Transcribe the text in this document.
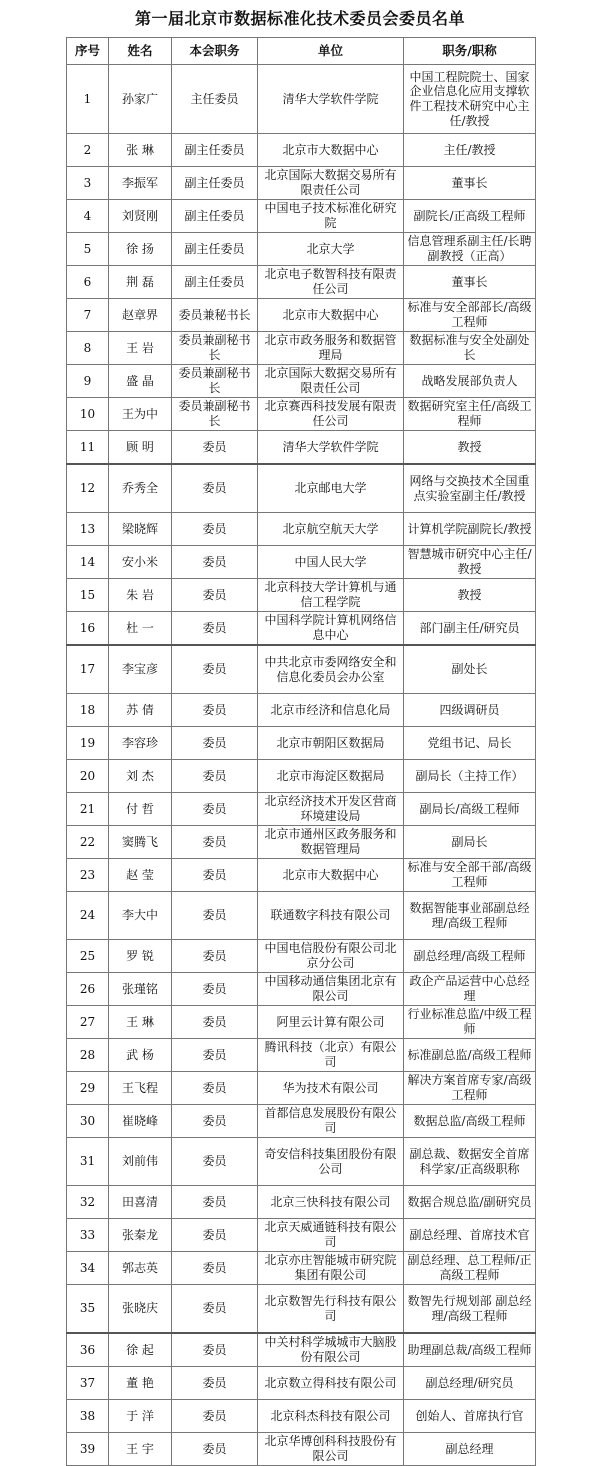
第一届北京市数据标准化技术委员会委员名单
序号	姓名	本会职务	单位	职务/职称
1	孙家广	主任委员	清华大学软件学院	中国工程院院士、国家企业信息化应用支撑软件工程技术研究中心主任/教授
2	张 琳	副主任委员	北京市大数据中心	主任/教授
3	李振军	副主任委员	北京国际大数据交易所有限责任公司	董事长
4	刘贤刚	副主任委员	中国电子技术标准化研究院	副院长/正高级工程师
5	徐 扬	副主任委员	北京大学	信息管理系副主任/长聘副教授（正高）
6	荆 磊	副主任委员	北京电子数智科技有限责任公司	董事长
7	赵章界	委员兼秘书长	北京市大数据中心	标准与安全部部长/高级工程师
8	王 岩	委员兼副秘书长	北京市政务服务和数据管理局	数据标准与安全处副处长
9	盛 晶	委员兼副秘书长	北京国际大数据交易所有限责任公司	战略发展部负责人
10	王为中	委员兼副秘书长	北京赛西科技发展有限责任公司	数据研究室主任/高级工程师
11	顾 明	委员	清华大学软件学院	教授
12	乔秀全	委员	北京邮电大学	网络与交换技术全国重点实验室副主任/教授
13	梁晓辉	委员	北京航空航天大学	计算机学院副院长/教授
14	安小米	委员	中国人民大学	智慧城市研究中心主任/教授
15	朱 岩	委员	北京科技大学计算机与通信工程学院	教授
16	杜 一	委员	中国科学院计算机网络信息中心	部门副主任/研究员
17	李宝彦	委员	中共北京市委网络安全和信息化委员会办公室	副处长
18	苏 倩	委员	北京市经济和信息化局	四级调研员
19	李容珍	委员	北京市朝阳区数据局	党组书记、局长
20	刘 杰	委员	北京市海淀区数据局	副局长（主持工作）
21	付 哲	委员	北京经济技术开发区营商环境建设局	副局长/高级工程师
22	窦腾飞	委员	北京市通州区政务服务和数据管理局	副局长
23	赵 莹	委员	北京市大数据中心	标准与安全部干部/高级工程师
24	李大中	委员	联通数字科技有限公司	数据智能事业部副总经理/高级工程师
25	罗 锐	委员	中国电信股份有限公司北京分公司	副总经理/高级工程师
26	张瑾铭	委员	中国移动通信集团北京有限公司	政企产品运营中心总经理
27	王 琳	委员	阿里云计算有限公司	行业标准总监/中级工程师
28	武 杨	委员	腾讯科技（北京）有限公司	标准副总监/高级工程师
29	王飞程	委员	华为技术有限公司	解决方案首席专家/高级工程师
30	崔晓峰	委员	首都信息发展股份有限公司	数据总监/高级工程师
31	刘前伟	委员	奇安信科技集团股份有限公司	副总裁、数据安全首席科学家/正高级职称
32	田喜清	委员	北京三快科技有限公司	数据合规总监/副研究员
33	张秦龙	委员	北京天威通链科技有限公司	副总经理、首席技术官
34	郭志英	委员	北京亦庄智能城市研究院集团有限公司	副总经理、总工程师/正高级工程师
35	张晓庆	委员	北京数智先行科技有限公司	数智先行规划部 副总经理/高级工程师
36	徐 起	委员	中关村科学城城市大脑股份有限公司	助理副总裁/高级工程师
37	董 艳	委员	北京数立得科技有限公司	副总经理/研究员
38	于 洋	委员	北京科杰科技有限公司	创始人、首席执行官
39	王 宇	委员	北京华博创科科技股份有限公司	副总经理
